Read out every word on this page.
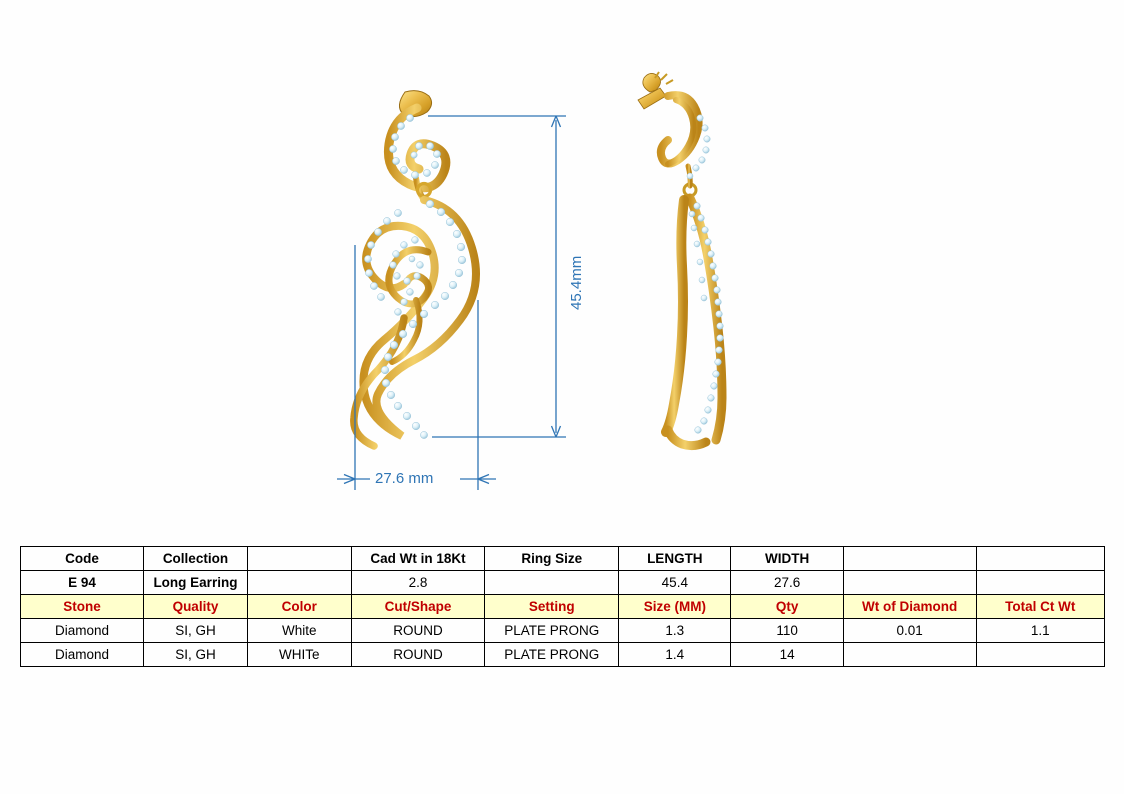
45.4mm
27.6 mm
Code	Collection		Cad Wt in 18Kt	Ring Size	LENGTH	WIDTH		
E 94	Long Earring		2.8		45.4	27.6		
Stone	Quality	Color	Cut/Shape	Setting	Size (MM)	Qty	Wt of Diamond	Total Ct Wt
Diamond	SI, GH	White	ROUND	PLATE PRONG	1.3	110	0.01	1.1
Diamond	SI, GH	WHITe	ROUND	PLATE PRONG	1.4	14		
